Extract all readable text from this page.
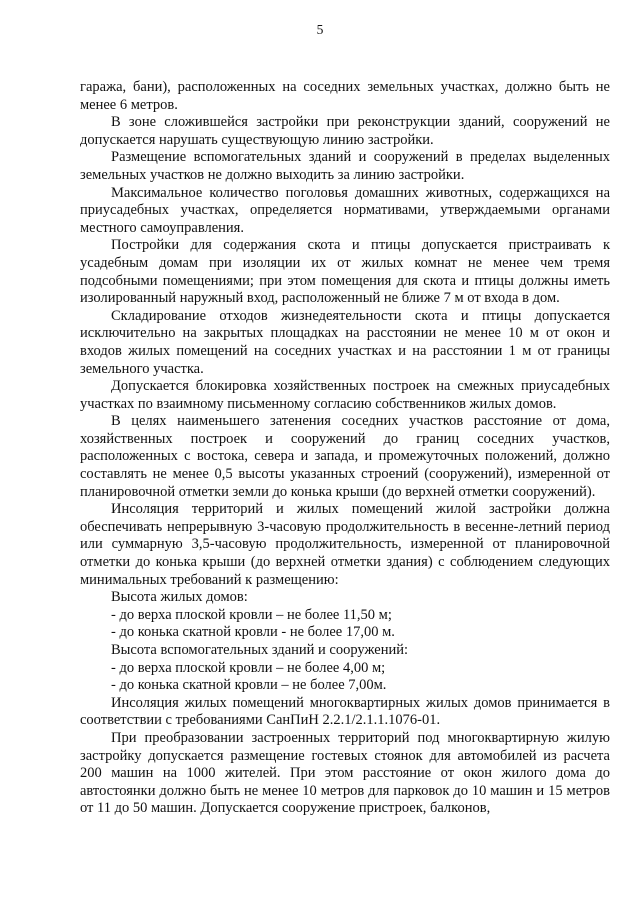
5

гаража, бани), расположенных на соседних земельных участках, должно быть не менее 6 метров.

В зоне сложившейся застройки при реконструкции зданий, сооружений не допускается нарушать существующую линию застройки.

Размещение вспомогательных зданий и сооружений в пределах выделенных земельных участков не должно выходить за линию застройки.

Максимальное количество поголовья домашних животных, содержащихся на приусадебных участках, определяется нормативами, утверждаемыми органами местного самоуправления.

Постройки для содержания скота и птицы допускается пристраивать к усадебным домам при изоляции их от жилых комнат не менее чем тремя подсобными помещениями; при этом помещения для скота и птицы должны иметь изолированный наружный вход, расположенный не ближе 7 м от входа в дом.

Складирование отходов жизнедеятельности скота и птицы допускается исключительно на закрытых площадках на расстоянии не менее 10 м от окон и входов жилых помещений на соседних участках и на расстоянии 1 м от границы земельного участка.

Допускается блокировка хозяйственных построек на смежных приусадебных участках по взаимному письменному согласию собственников жилых домов.

В целях наименьшего затенения соседних участков расстояние от дома, хозяйственных построек и сооружений до границ соседних участков, расположенных с востока, севера и запада, и промежуточных положений, должно составлять не менее 0,5 высоты указанных строений (сооружений), измеренной от планировочной отметки земли до конька крыши (до верхней отметки сооружений).

Инсоляция территорий и жилых помещений жилой застройки должна обеспечивать непрерывную 3-часовую продолжительность в весенне-летний период или суммарную 3,5-часовую продолжительность, измеренной от планировочной отметки до конька крыши (до верхней отметки здания) с соблюдением следующих минимальных требований к размещению:

Высота жилых домов:

- до верха плоской кровли – не более 11,50 м;

- до конька скатной кровли - не более 17,00 м.

Высота вспомогательных зданий и сооружений:

- до верха плоской кровли – не более 4,00 м;

- до конька скатной кровли – не более 7,00м.

Инсоляция жилых помещений многоквартирных жилых домов принимается в соответствии с требованиями СанПиН 2.2.1/2.1.1.1076-01.

При преобразовании застроенных территорий под многоквартирную жилую застройку допускается размещение гостевых стоянок для автомобилей из расчета 200 машин на 1000 жителей. При этом расстояние от окон жилого дома до автостоянки должно быть не менее 10 метров для парковок до 10 машин и 15 метров от 11 до 50 машин. Допускается сооружение пристроек, балконов,
